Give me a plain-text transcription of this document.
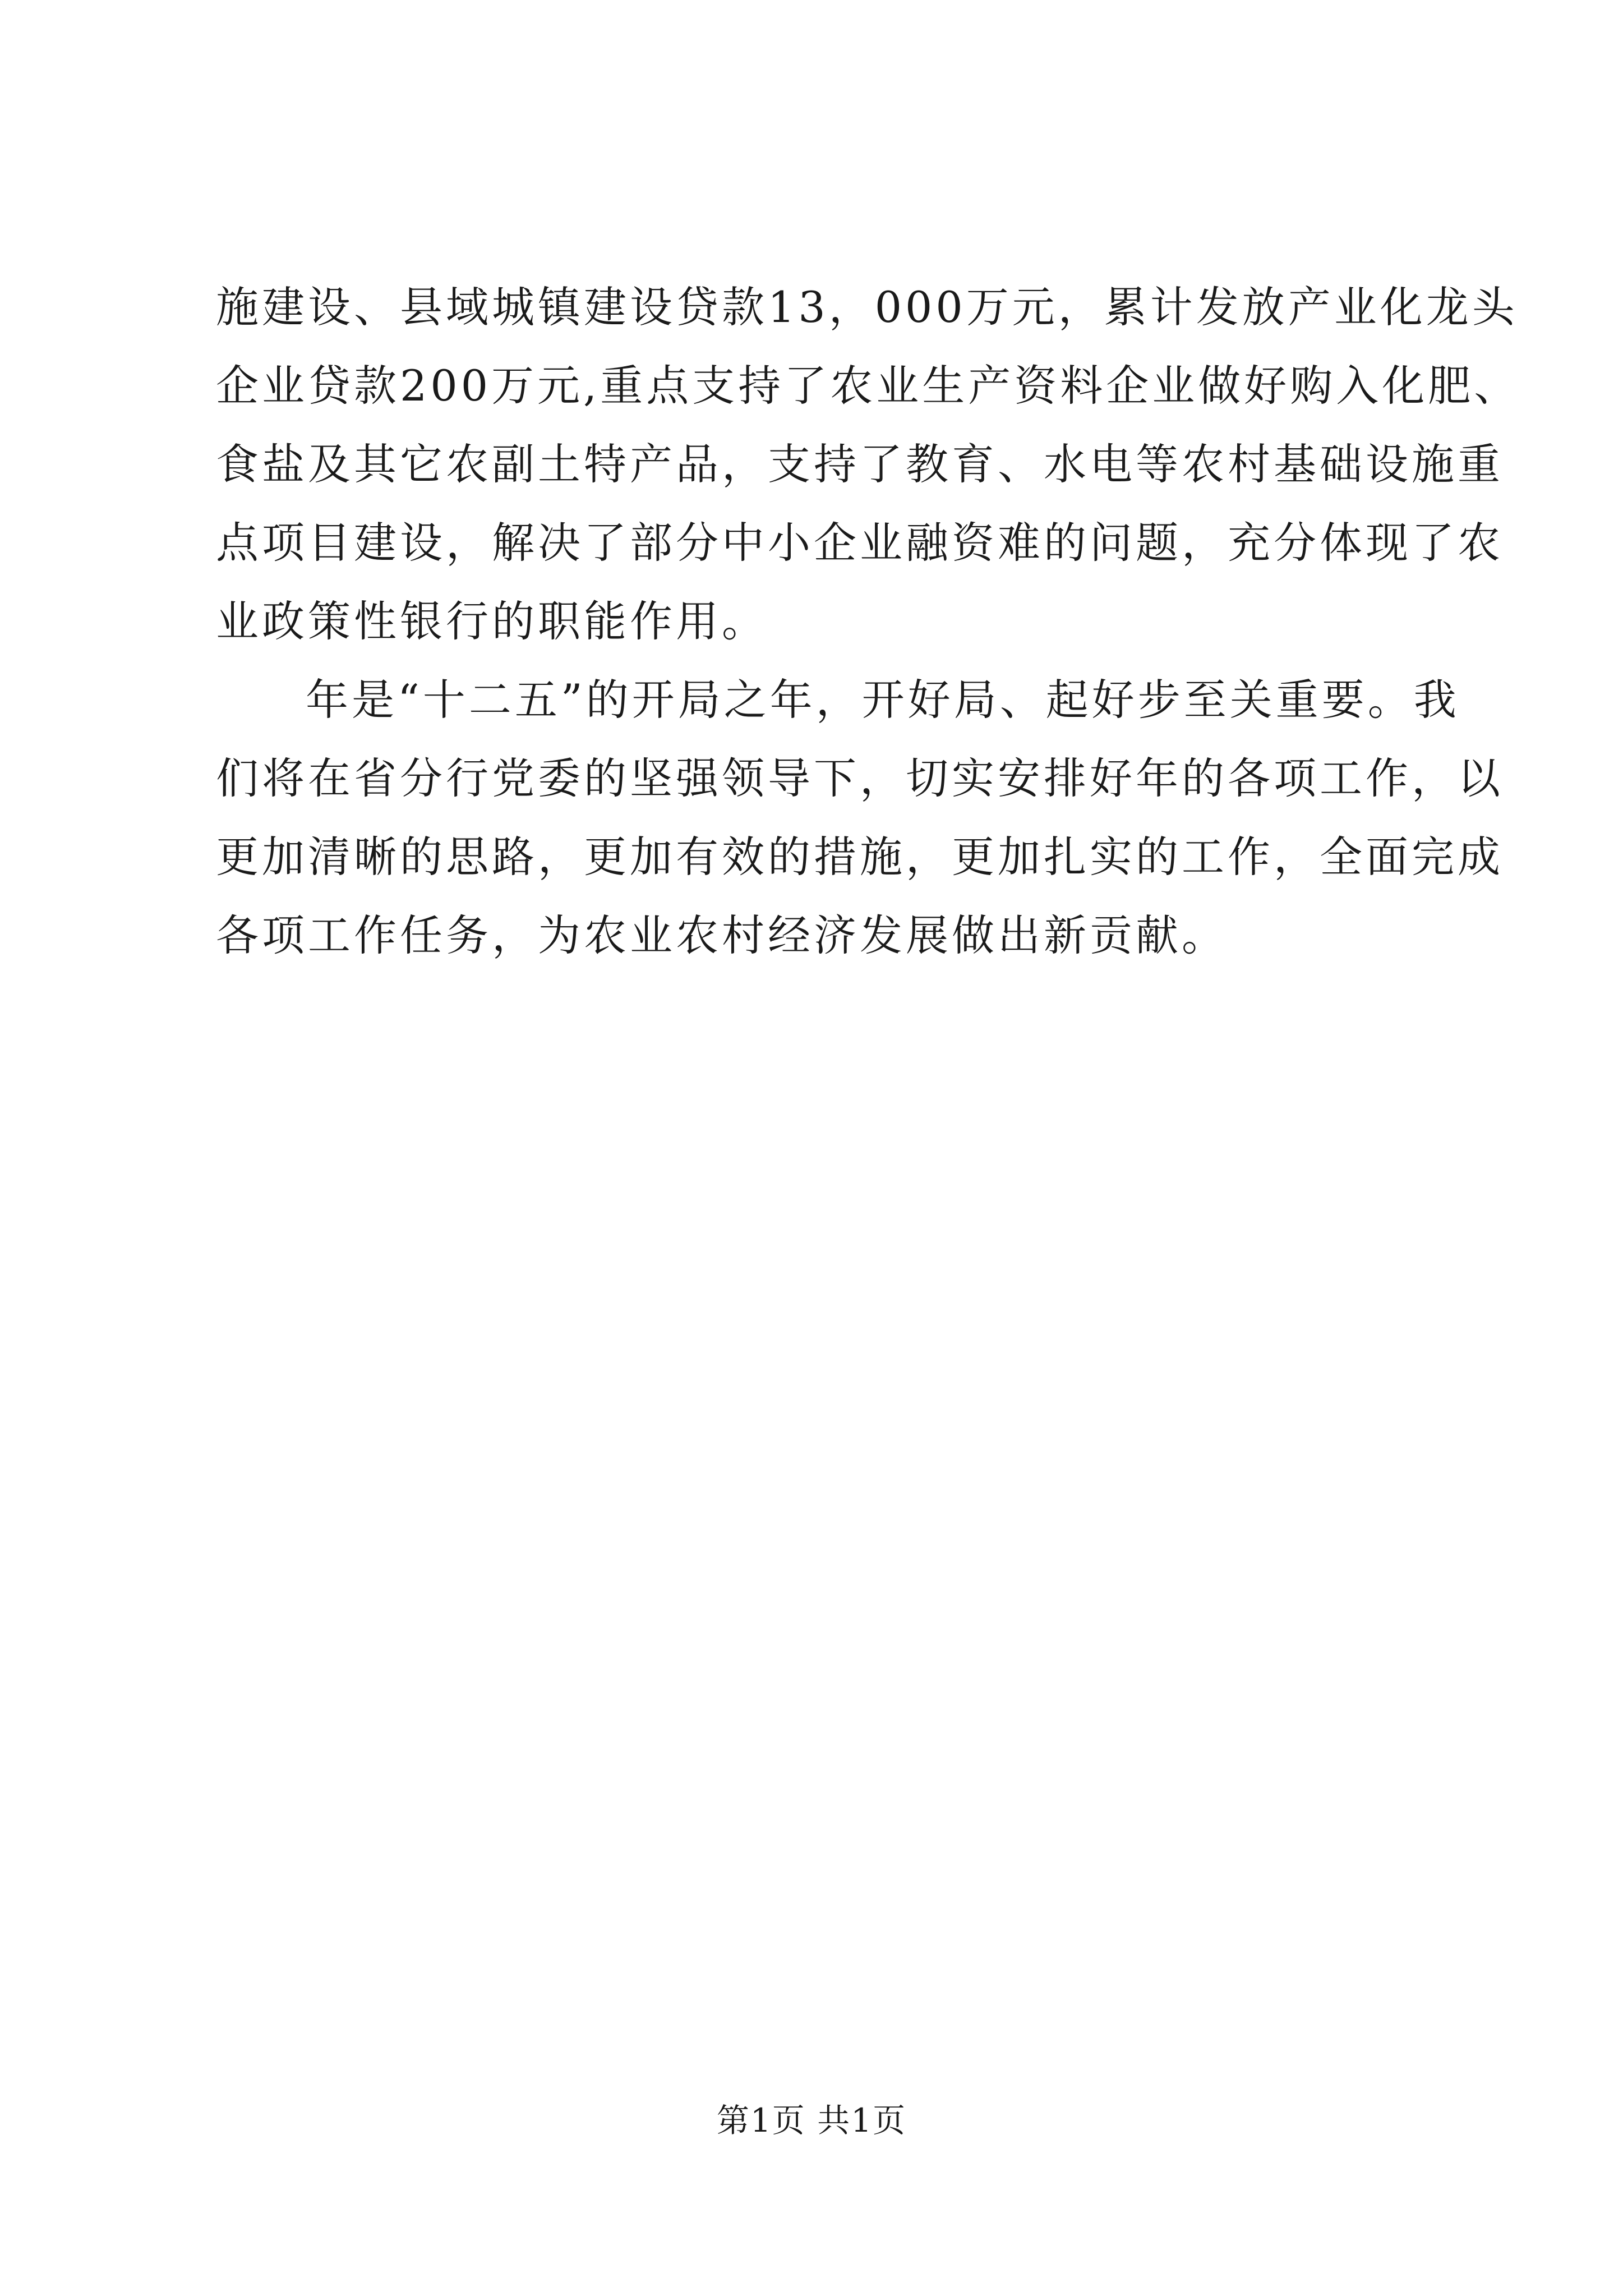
施建设、县域城镇建设贷款13，000万元，累计发放产业化龙头
企业贷款200万元,重点支持了农业生产资料企业做好购入化肥、
食盐及其它农副土特产品，支持了教育、水电等农村基础设施重
点项目建设，解决了部分中小企业融资难的问题，充分体现了农
业政策性银行的职能作用。
年是“十二五”的开局之年，开好局、起好步至关重要。我
们将在省分行党委的坚强领导下，切实安排好年的各项工作，以
更加清晰的思路，更加有效的措施，更加扎实的工作，全面完成
各项工作任务，为农业农村经济发展做出新贡献。
第1页 共1页
